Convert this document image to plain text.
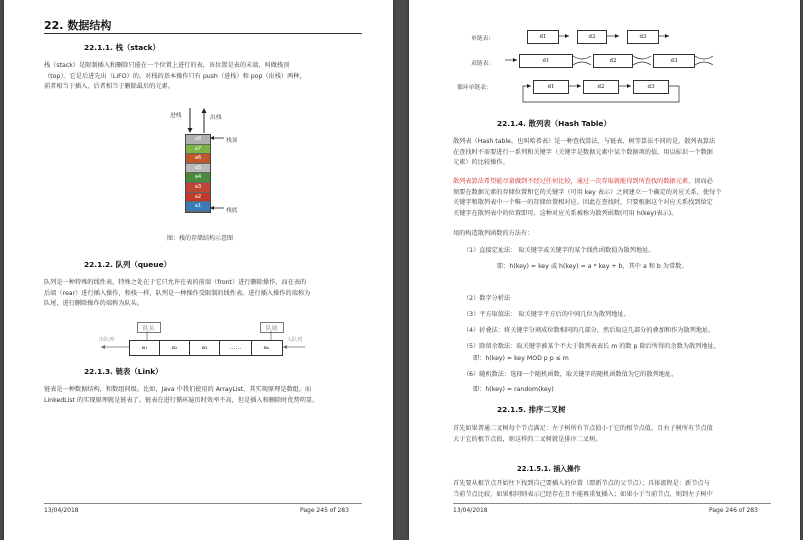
22. 数据结构
22.1.1. 栈（stack）
栈（stack）是限制插入和删除只能在一个位置上进行的表，该位置是表的末端，叫做栈顶
（top）。它是后进先出（LIFO）的。对栈的基本操作只有 push（进栈）和 pop（出栈）两种，
前者相当于插入，后者相当于删除最后的元素。
进栈	出栈
a8
a7
a6
a5
a4
a3
a2
a1
栈顶
栈底
图：栈的存储结构示意图
22.1.2. 队列（queue）
队列是一种特殊的线性表，特殊之处在于它只允许在表的前端（front）进行删除操作，而在表的
后端（rear）进行插入操作，和栈一样，队列是一种操作受限制的线性表。进行插入操作的端称为
队尾，进行删除操作的端称为队头。
队头	队尾
出队列	入队列
a₁	a₂	a₃	……	aₙ
22.1.3. 链表（Link）
链表是一种数据结构，和数组同级。比如，Java 中我们使用的 ArrayList，其实现原理是数组。而
LinkedList 的实现原理就是链表了。链表在进行循环遍历时效率不高，但是插入和删除时优势明显。
13/04/2018	Page 245 of 283
单链表：
双链表：
循环单链表：
d1	d2	d3
d1	d2	d3
d1	d2	d3
22.1.4. 散列表（Hash Table）
散列表（Hash table，也叫哈希表）是一种查找算法，与链表、树等算法不同的是，散列表算法
在查找时不需要进行一系列和关键字（关键字是数据元素中某个数据项的值，用以标识一个数据
元素）的比较操作。
散列表算法希望能尽量做到不经过任何比较，通过一次存取就能得到所查找的数据元素，因而必
须要在数据元素的存储位置和它的关键字（可用 key 表示）之间建立一个确定的对应关系，使每个
关键字和散列表中一个唯一的存储位置相对应。因此在查找时，只要根据这个对应关系找到给定
关键字在散列表中的位置即可。这种对应关系被称为散列函数(可用 h(key)表示)。
用的构造散列函数的方法有：
（1）直接定址法： 取关键字或关键字的某个线性函数值为散列地址。
即：h(key) = key 或 h(key) = a * key + b，其中 a 和 b 为常数。
（2）数字分析法
（3）平方取值法： 取关键字平方后的中间几位为散列地址。
（4）折叠法：将关键字分割成位数相同的几部分，然后取这几部分的叠加和作为散列地址。
（5）除留余数法：取关键字被某个不大于散列表表长 m 的数 p 除后所得的余数为散列地址，
即：h(key) = key MOD p p ≤ m
（6）随机数法：选择一个随机函数，取关键字的随机函数值为它的散列地址，
即：h(key) = random(key)
22.1.5. 排序二叉树
首先如果普通二叉树每个节点满足：左子树所有节点值小于它的根节点值，且右子树所有节点值
大于它的根节点值，则这样的二叉树就是排序二叉树。
22.1.5.1. 插入操作
首先要从根节点开始往下找到自己要插入的位置（即新节点的父节点）；具体流程是：新节点与
当前节点比较，如果相同则表示已经存在且不能再重复插入；如果小于当前节点，则到左子树中
13/04/2018	Page 246 of 283
